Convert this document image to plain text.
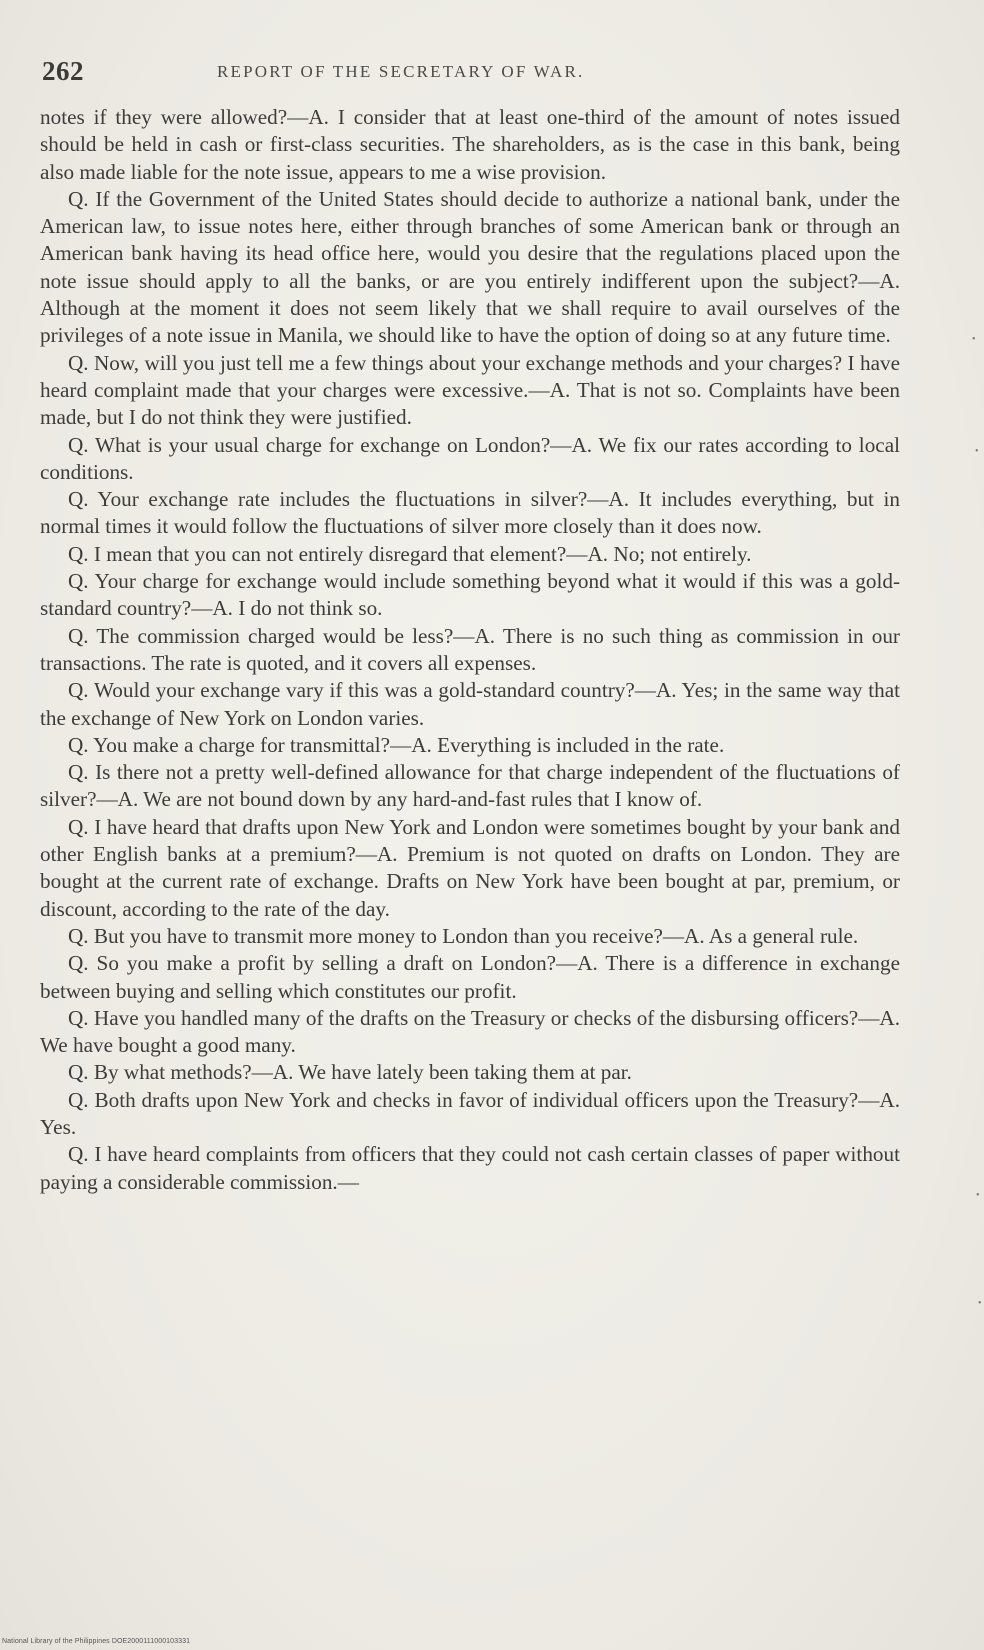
262	REPORT OF THE SECRETARY OF WAR.

notes if they were allowed?—A. I consider that at least one-third of the amount of notes issued should be held in cash or first-class securities. The shareholders, as is the case in this bank, being also made liable for the note issue, appears to me a wise provision.

Q. If the Government of the United States should decide to authorize a national bank, under the American law, to issue notes here, either through branches of some American bank or through an American bank having its head office here, would you desire that the regulations placed upon the note issue should apply to all the banks, or are you entirely indifferent upon the subject?—A. Although at the moment it does not seem likely that we shall require to avail ourselves of the privileges of a note issue in Manila, we should like to have the option of doing so at any future time.

Q. Now, will you just tell me a few things about your exchange methods and your charges? I have heard complaint made that your charges were excessive.—A. That is not so. Complaints have been made, but I do not think they were justified.

Q. What is your usual charge for exchange on London?—A. We fix our rates according to local conditions.

Q. Your exchange rate includes the fluctuations in silver?—A. It includes everything, but in normal times it would follow the fluctuations of silver more closely than it does now.

Q. I mean that you can not entirely disregard that element?—A. No; not entirely.

Q. Your charge for exchange would include something beyond what it would if this was a gold-standard country?—A. I do not think so.

Q. The commission charged would be less?—A. There is no such thing as commission in our transactions. The rate is quoted, and it covers all expenses.

Q. Would your exchange vary if this was a gold-standard country?—A. Yes; in the same way that the exchange of New York on London varies.

Q. You make a charge for transmittal?—A. Everything is included in the rate.

Q. Is there not a pretty well-defined allowance for that charge independent of the fluctuations of silver?—A. We are not bound down by any hard-and-fast rules that I know of.

Q. I have heard that drafts upon New York and London were sometimes bought by your bank and other English banks at a premium?—A. Premium is not quoted on drafts on London. They are bought at the current rate of exchange. Drafts on New York have been bought at par, premium, or discount, according to the rate of the day.

Q. But you have to transmit more money to London than you receive?—A. As a general rule.

Q. So you make a profit by selling a draft on London?—A. There is a difference in exchange between buying and selling which constitutes our profit.

Q. Have you handled many of the drafts on the Treasury or checks of the disbursing officers?—A. We have bought a good many.

Q. By what methods?—A. We have lately been taking them at par.

Q. Both drafts upon New York and checks in favor of individual officers upon the Treasury?—A. Yes.

Q. I have heard complaints from officers that they could not cash certain classes of paper without paying a considerable commission.—

•
•
•
•
National Library of the Philippines DOE2000111000103331
